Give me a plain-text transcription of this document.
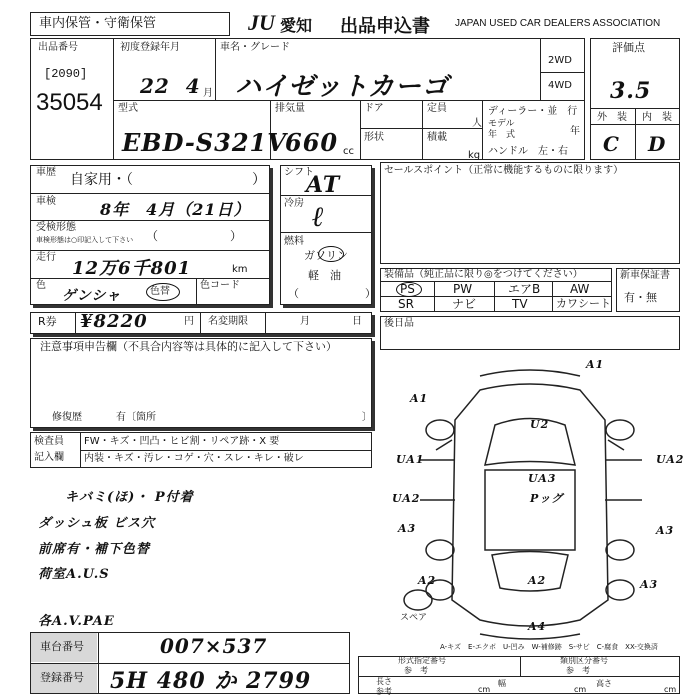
車内保管・守衛保管	JU 愛知 出品申込書	JAPAN USED CAR DEALERS ASSOCIATION
出品番号
[2090]
35054
初度登録年月
22  4 月
車名・グレード
ハイゼットカーゴ
2WD
4WD
型式
EBD-S321V
排気量
660 cc
ドア	定員
人
形状	積載
kg
ディーラー・並　行
モデル
年　式	年
ハンドル　左・右
評価点
3.5
外　装 内　装
C D
車歴 自家用・（	）
車検	8年　4月（21日）
受検形態
車検形態は○印記入して下さい （　　　　　　）
走行
12万6千801	km
色
ゲンシャ	色替
色コード
シフト
AT
冷房 ℓ
燃料
ガソリン
軽　油
（　　　　　　）
セールスポイント（正常に機能するものに限ります）
装備品（純正品に限り◎をつけてください）
PS	PW	エアB AW
SR	ナビ	TV	カワシート
新車保証書
有・無
R券 ¥8220	円 名変期限	月	日 後日品
注意事項申告欄（不具合内容等は具体的に記入して下さい）
修復歴	有〔箇所	〕
検査員
記入欄
FW・キズ・凹凸・ヒビ割・リペア跡・X 要
内装・キズ・汚レ・コゲ・穴・スレ・キレ・破レ
キバミ(ほ)・ P付着
ダッシュ板 ビス穴
前席有・補下色替
荷室A.U.S
各A.V.PAE
車台番号	007×537
登録番号 5H 480 か 2799
A1
A1
U2
UA1	UA2
UA2
UA3
Pッグ
A3	A3
A2	A3
A2
A4
スペア
A-キズ　E-エクボ　U-凹み　W-補修跡　S-サビ　C-腐食　XX-交換済
形式指定番号
参　考
類別区分番号
参　考
長さ
参考	cm
幅
cm
高さ
cm
